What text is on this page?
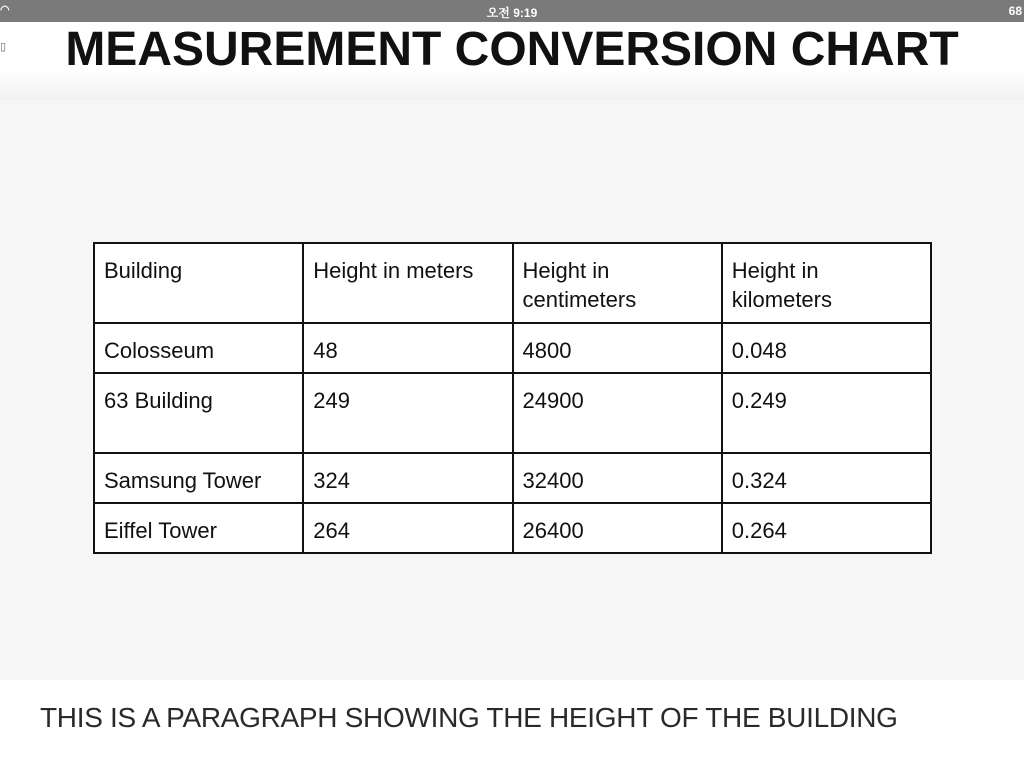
◠	오전 9:19	68
▯	MEASUREMENT CONVERSION CHART
Building	Height in meters	Height in centimeters	Height in kilometers
Colosseum	48	4800	0.048
63 Building	249	24900	0.249
Samsung Tower	324	32400	0.324
Eiffel Tower	264	26400	0.264
THIS IS A PARAGRAPH SHOWING THE HEIGHT OF THE BUILDING
